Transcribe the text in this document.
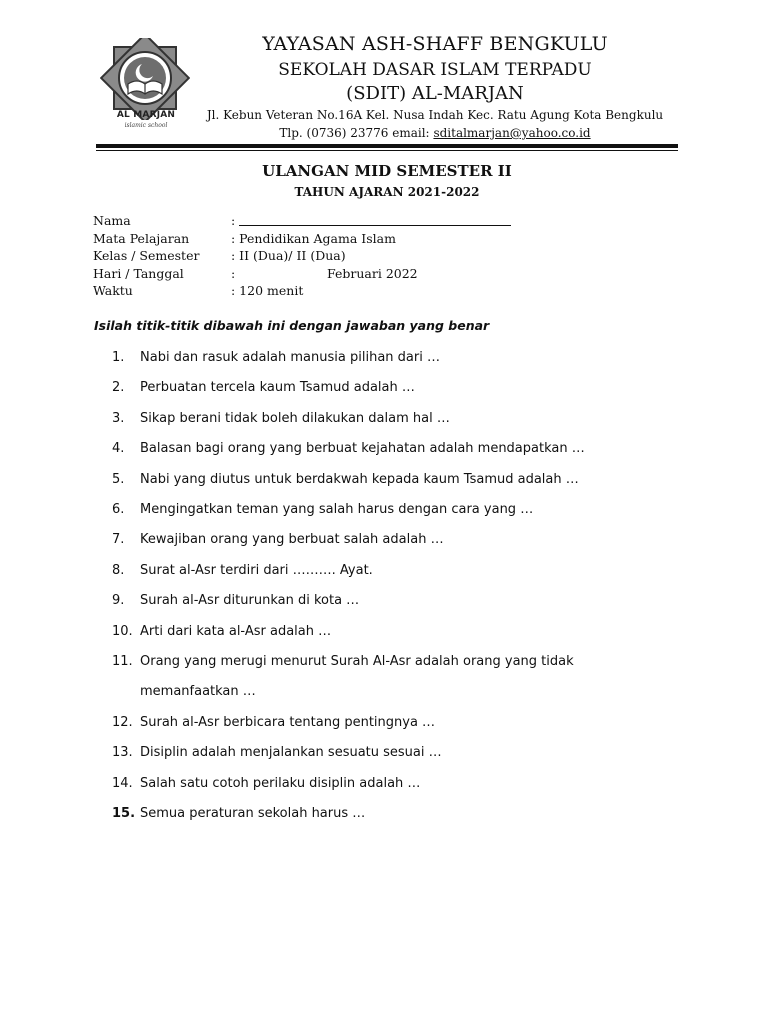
AL MARJAN
islamic school
YAYASAN ASH-SHAFF BENGKULU
SEKOLAH DASAR ISLAM TERPADU
(SDIT) AL-MARJAN
Jl. Kebun Veteran No.16A Kel. Nusa Indah Kec. Ratu Agung Kota Bengkulu
Tlp. (0736) 23776 email: sditalmarjan@yahoo.co.id
ULANGAN MID SEMESTER II
TAHUN AJARAN 2021-2022
Nama	:
Mata Pelajaran	: Pendidikan Agama Islam
Kelas / Semester	: II (Dua)/ II (Dua)
Hari / Tanggal	:	Februari 2022
Waktu	: 120 menit
Isilah titik-titik dibawah ini dengan jawaban yang benar
1.	Nabi dan rasuk adalah manusia pilihan dari …
2.	Perbuatan tercela kaum Tsamud adalah …
3.	Sikap berani tidak boleh dilakukan dalam hal …
4.	Balasan bagi orang yang berbuat kejahatan adalah mendapatkan …
5.	Nabi yang diutus untuk berdakwah kepada kaum Tsamud adalah …
6.	Mengingatkan teman yang salah harus dengan cara yang …
7.	Kewajiban orang yang berbuat salah adalah …
8.	Surat al-Asr terdiri dari ………. Ayat.
9.	Surah al-Asr diturunkan di kota …
10. Arti dari kata al-Asr adalah …
11. Orang yang merugi menurut Surah Al-Asr adalah orang yang tidak memanfaatkan …
12. Surah al-Asr berbicara tentang pentingnya …
13. Disiplin adalah menjalankan sesuatu sesuai …
14. Salah satu cotoh perilaku disiplin adalah …
15. Semua peraturan sekolah harus …
